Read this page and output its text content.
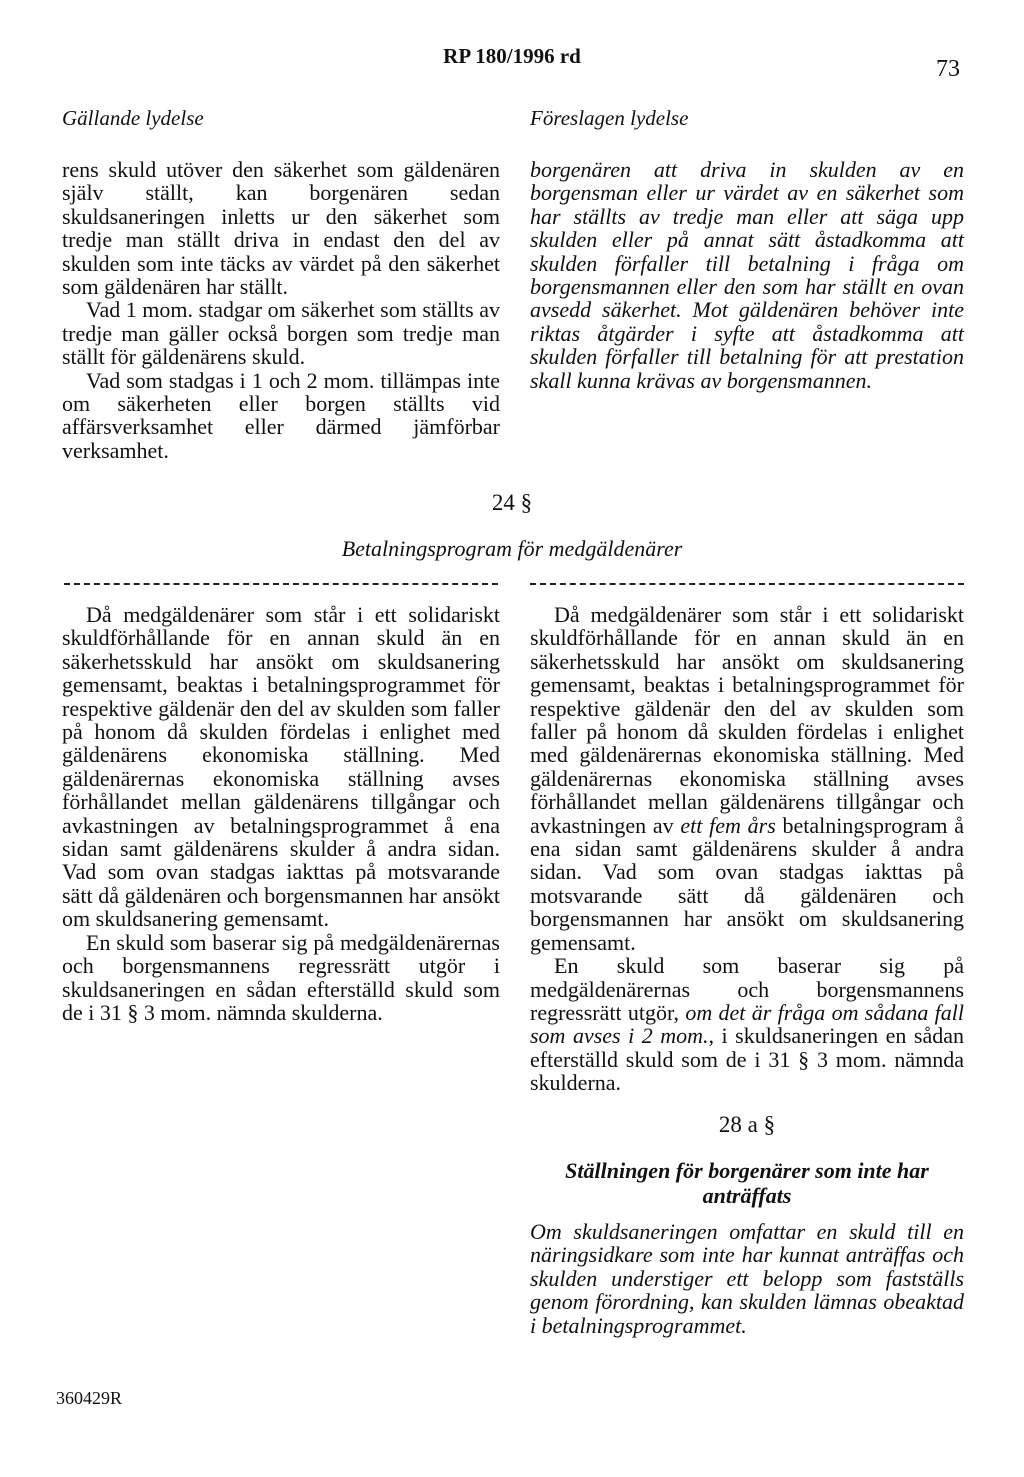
RP 180/1996 rd	73
Gällande lydelse	Föreslagen lydelse

rens skuld utöver den säkerhet som gäldenären själv ställt, kan borgenären sedan skuldsaneringen inletts ur den säkerhet som tredje man ställt driva in endast den del av skulden som inte täcks av värdet på den säkerhet som gäldenären har ställt.

Vad 1 mom. stadgar om säkerhet som ställts av tredje man gäller också borgen som tredje man ställt för gäldenärens skuld.

Vad som stadgas i 1 och 2 mom. tillämpas inte om säkerheten eller borgen ställts vid affärsverksamhet eller därmed jämförbar verksamhet.

borgenären att driva in skulden av en borgensman eller ur värdet av en säkerhet som har ställts av tredje man eller att säga upp skulden eller på annat sätt åstadkomma att skulden förfaller till betalning i fråga om borgensmannen eller den som har ställt en ovan avsedd säkerhet. Mot gäldenären behöver inte riktas åtgärder i syfte att åstadkomma att skulden förfaller till betalning för att prestation skall kunna krävas av borgensmannen.

24 §
Betalningsprogram för medgäldenärer

Då medgäldenärer som står i ett solidariskt skuldförhållande för en annan skuld än en säkerhetsskuld har ansökt om skuldsanering gemensamt, beaktas i betalningsprogrammet för respektive gäldenär den del av skulden som faller på honom då skulden fördelas i enlighet med gäldenärens ekonomiska ställning. Med gäldenärernas ekonomiska ställning avses förhållandet mellan gäldenärens tillgångar och avkastningen av betalningsprogrammet å ena sidan samt gäldenärens skulder å andra sidan. Vad som ovan stadgas iakttas på motsvarande sätt då gäldenären och borgensmannen har ansökt om skuldsanering gemensamt.

En skuld som baserar sig på medgäldenärernas och borgensmannens regressrätt utgör i skuldsaneringen en sådan efterställd skuld som de i 31 § 3 mom. nämnda skulderna.

Då medgäldenärer som står i ett solidariskt skuldförhållande för en annan skuld än en säkerhetsskuld har ansökt om skuldsanering gemensamt, beaktas i betalningsprogrammet för respektive gäldenär den del av skulden som faller på honom då skulden fördelas i enlighet med gäldenärernas ekonomiska ställning. Med gäldenärernas ekonomiska ställning avses förhållandet mellan gäldenärens tillgångar och avkastningen av ett fem års betalningsprogram å ena sidan samt gäldenärens skulder å andra sidan. Vad som ovan stadgas iakttas på motsvarande sätt då gäldenären och borgensmannen har ansökt om skuldsanering gemensamt.

En skuld som baserar sig på medgäldenärernas och borgensmannens regressrätt utgör, om det är fråga om sådana fall som avses i 2 mom., i skuldsaneringen en sådan efterställd skuld som de i 31 § 3 mom. nämnda skulderna.

28 a §
Ställningen för borgenärer som inte har anträffats
Om skuldsaneringen omfattar en skuld till en näringsidkare som inte har kunnat anträffas och skulden understiger ett belopp som fastställs genom förordning, kan skulden lämnas obeaktad i betalningsprogrammet.
360429R
